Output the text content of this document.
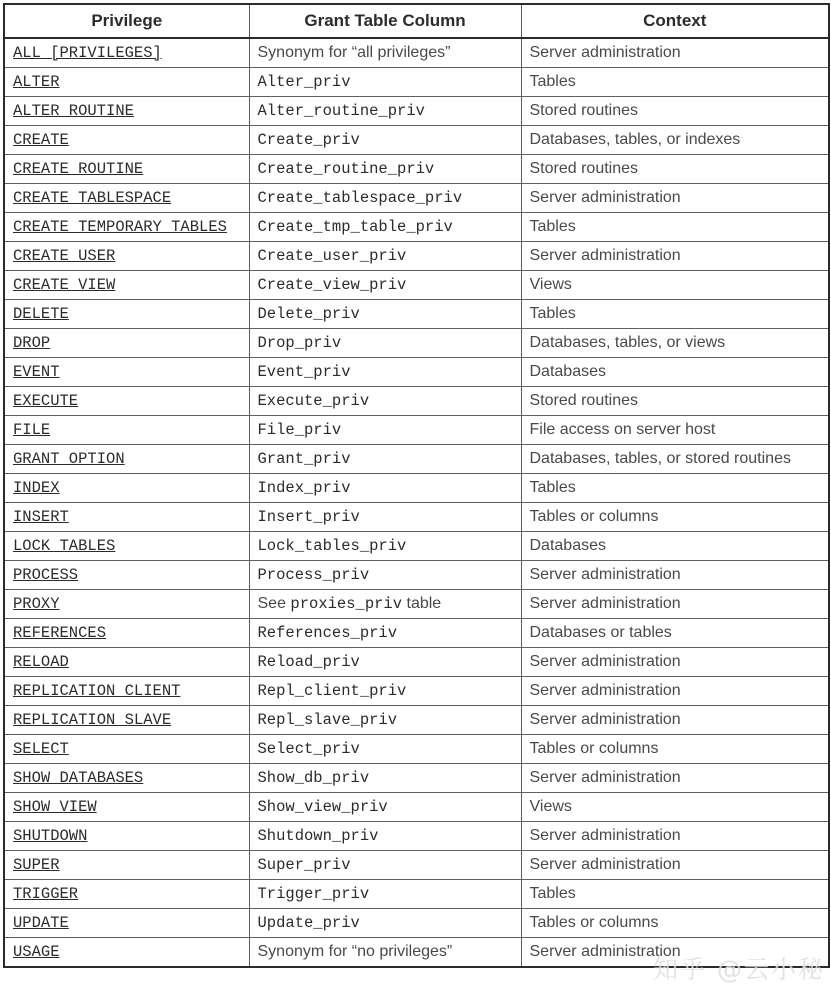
Privilege	Grant Table Column	Context
ALL [PRIVILEGES]	Synonym for “all privileges”	Server administration
ALTER	Alter_priv	Tables
ALTER ROUTINE	Alter_routine_priv	Stored routines
CREATE	Create_priv	Databases, tables, or indexes
CREATE ROUTINE	Create_routine_priv	Stored routines
CREATE TABLESPACE	Create_tablespace_priv	Server administration
CREATE TEMPORARY TABLES	Create_tmp_table_priv	Tables
CREATE USER	Create_user_priv	Server administration
CREATE VIEW	Create_view_priv	Views
DELETE	Delete_priv	Tables
DROP	Drop_priv	Databases, tables, or views
EVENT	Event_priv	Databases
EXECUTE	Execute_priv	Stored routines
FILE	File_priv	File access on server host
GRANT OPTION	Grant_priv	Databases, tables, or stored routines
INDEX	Index_priv	Tables
INSERT	Insert_priv	Tables or columns
LOCK TABLES	Lock_tables_priv	Databases
PROCESS	Process_priv	Server administration
PROXY	See proxies_priv table	Server administration
REFERENCES	References_priv	Databases or tables
RELOAD	Reload_priv	Server administration
REPLICATION CLIENT	Repl_client_priv	Server administration
REPLICATION SLAVE	Repl_slave_priv	Server administration
SELECT	Select_priv	Tables or columns
SHOW DATABASES	Show_db_priv	Server administration
SHOW VIEW	Show_view_priv	Views
SHUTDOWN	Shutdown_priv	Server administration
SUPER	Super_priv	Server administration
TRIGGER	Trigger_priv	Tables
UPDATE	Update_priv	Tables or columns
USAGE	Synonym for “no privileges”	Server administration
知乎 @云小秘
